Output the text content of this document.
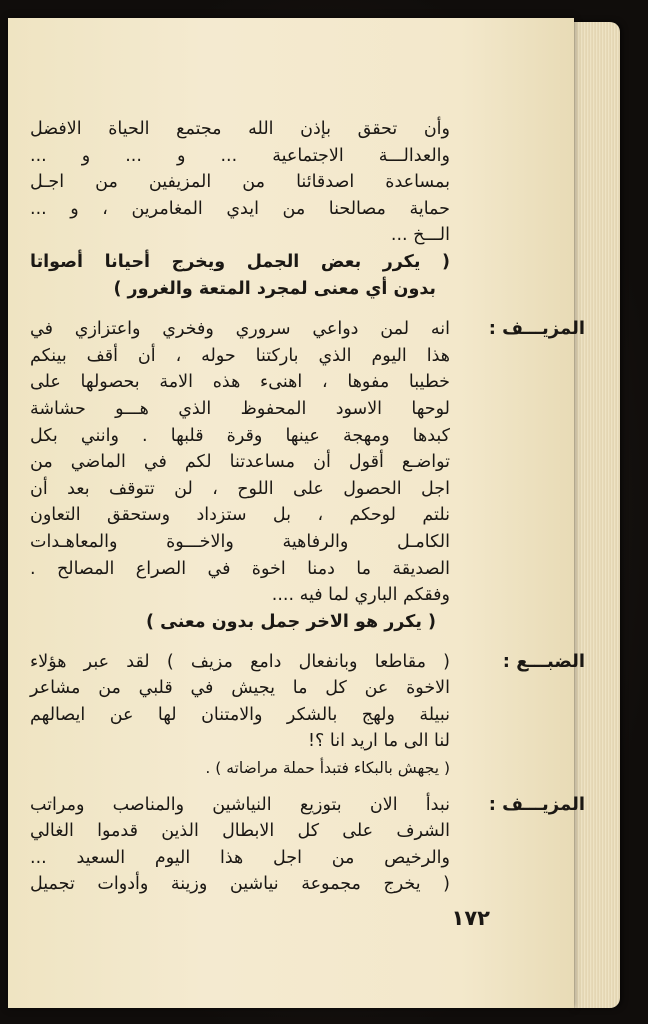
وأن تحقق بإذن الله مجتمع الحياة الافضل
والعدالـــة الاجتماعية ... و ... و ...
بمساعدة اصدقائنا من المزيفين من اجـل
حماية مصالحنا من ايدي المغامرين ، و ...
الـــخ ...
( يكرر بعض الجمل ويخرج أحيانا أصواتا
بدون أي معنى لمجرد المتعة والغرور )
المزيـــف :
انه لمن دواعي سروري وفخري واعتزازي في
هذا اليوم الذي باركتنا حوله ، أن أقف بينكم
خطيبا مفوها ، اهنىء هذه الامة بحصولها على
لوحها الاسود المحفوظ الذي هـــو حشاشة
كبدها ومهجة عينها وقرة قلبها . وانني بكل
تواضـع أقول أن مساعدتنا لكم في الماضي من
اجل الحصول على اللوح ، لن تتوقف بعد أن
نلتم لوحكم ، بل ستزداد وستحقق التعاون
الكامـل والرفاهية والاخـــوة والمعاهـدات
الصديقة ما دمنا اخوة في الصراع المصالح .
وفقكم الباري لما فيه ....
( يكرر هو الاخر جمل بدون معنى )
الضبـــع :
( مقاطعا وبانفعال دامع مزيف ) لقد عبر هؤلاء
الاخوة عن كل ما يجيش في قلبي من مشاعر
نبيلة ولهج بالشكر والامتنان لها عن ايصالهم
لنا الى ما اريد انا ؟!
( يجهش بالبكاء فتبدأ حملة مراضاته ) .
المزيـــف :
نبدأ الان بتوزيع النياشين والمناصب ومراتب
الشرف على كل الابطال الذين قدموا الغالي
والرخيص من اجل هذا اليوم السعيد ...
( يخرج مجموعة نياشين وزينة وأدوات تجميل
١٧٢
